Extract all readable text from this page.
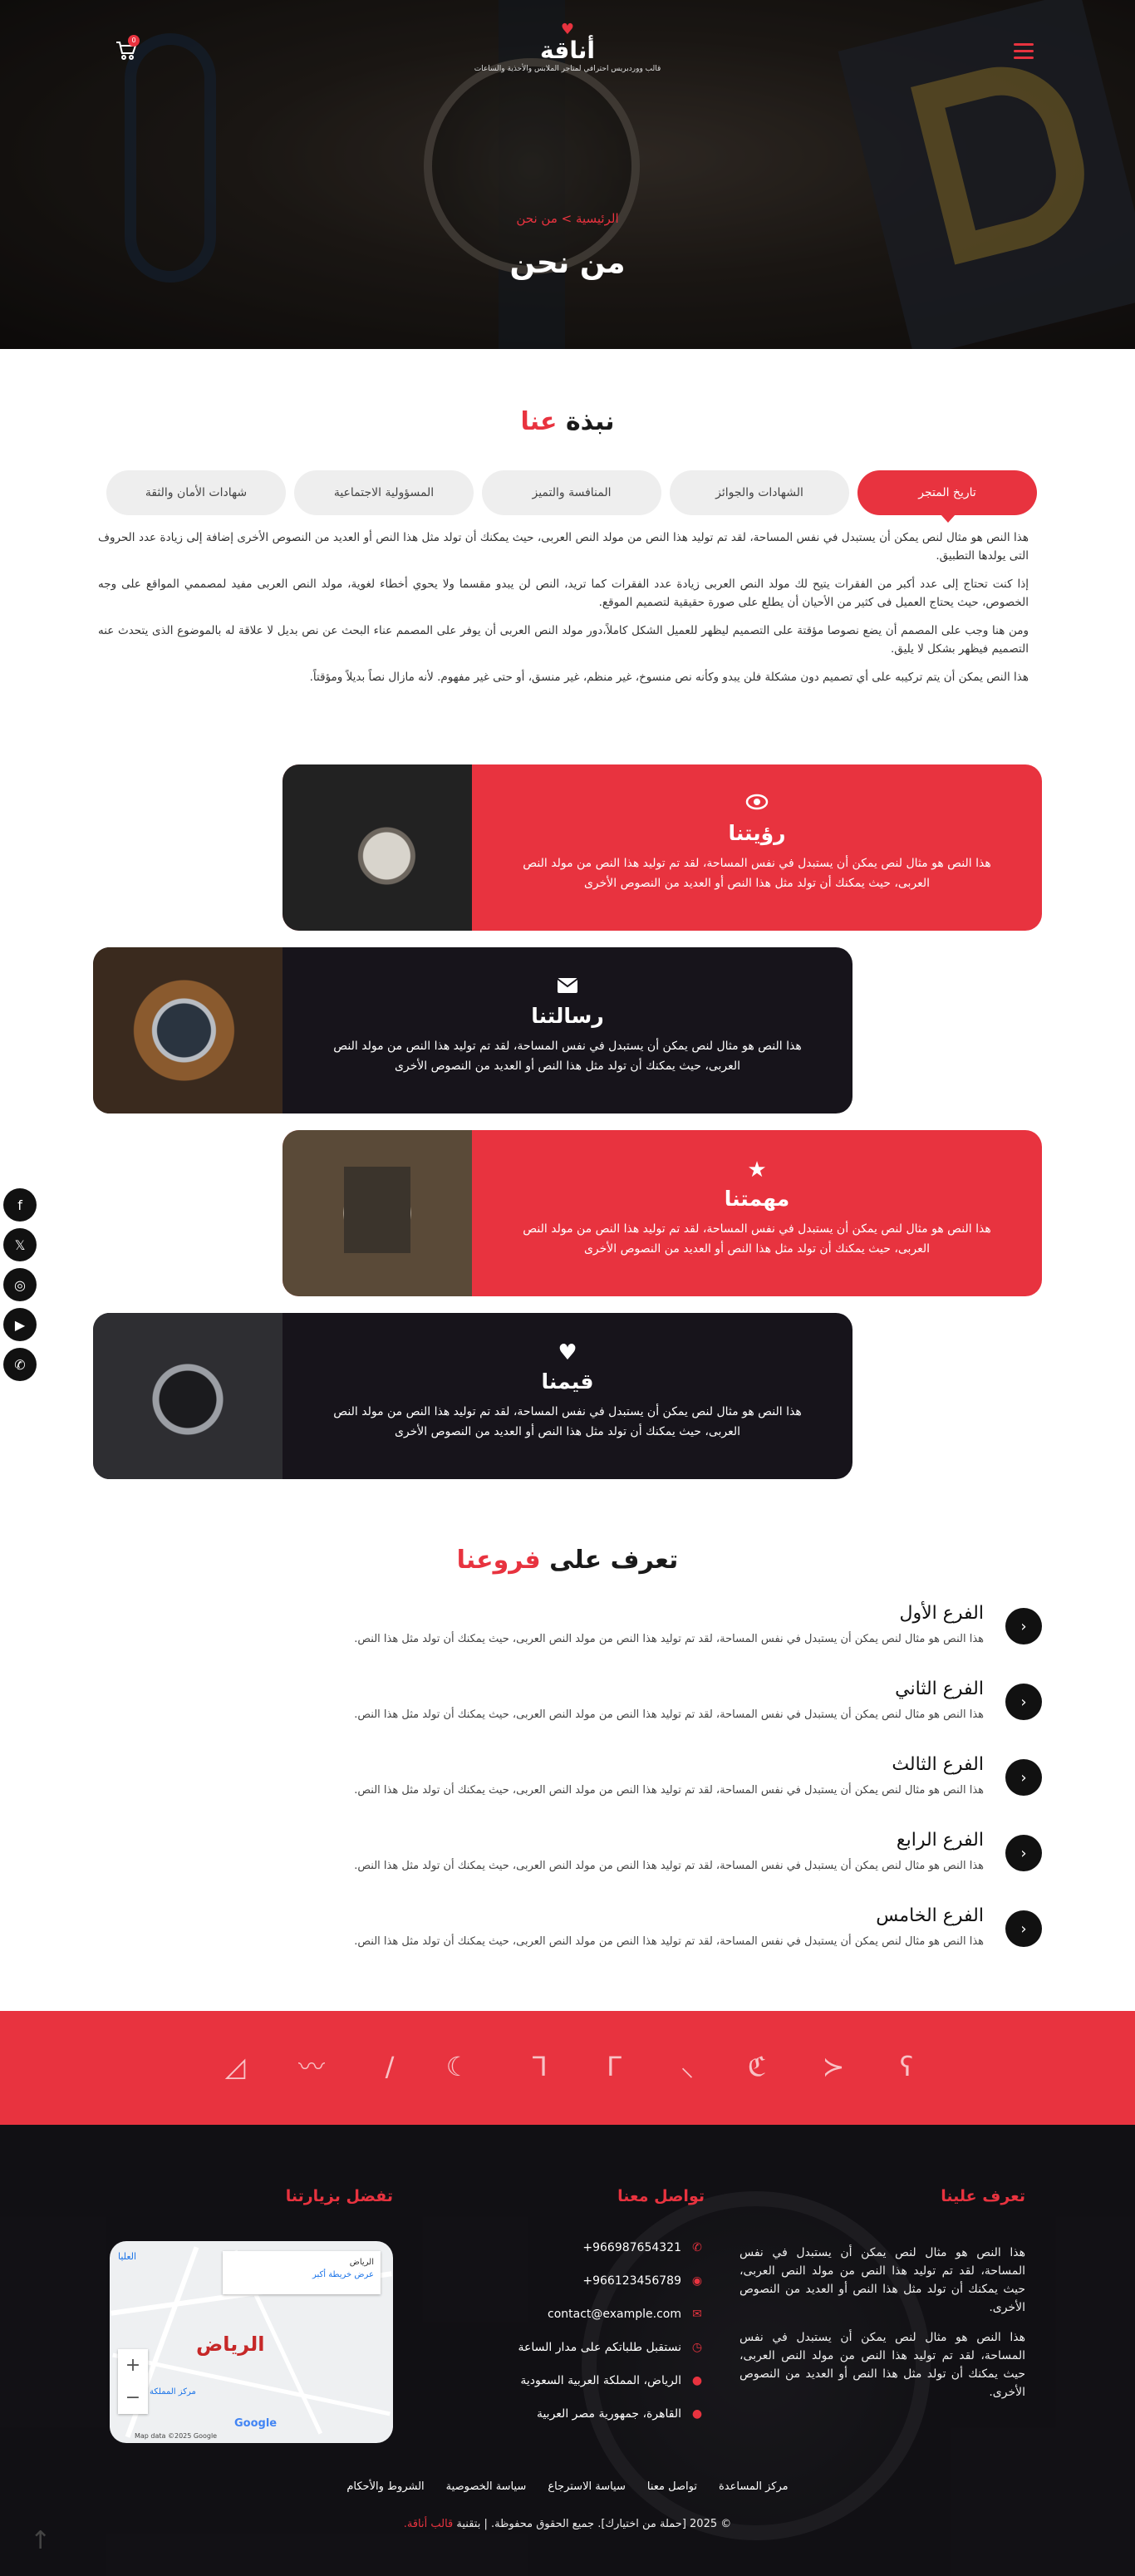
0
♥
أناقة
قالب ووردبريس احترافي لمتاجر الملابس والأحذية والساعات
الرئيسية > من نحن
من نحن
نبذة عنا
تاريخ المتجر
الشهادات والجوائز
المنافسة والتميز
المسؤولية الاجتماعية
شهادات الأمان والثقة

هذا النص هو مثال لنص يمكن أن يستبدل في نفس المساحة، لقد تم توليد هذا النص من مولد النص العربى، حيث يمكنك أن تولد مثل هذا النص أو العديد من النصوص الأخرى إضافة إلى زيادة عدد الحروف التى يولدها التطبيق.

إذا كنت تحتاج إلى عدد أكبر من الفقرات يتيح لك مولد النص العربى زيادة عدد الفقرات كما تريد، النص لن يبدو مقسما ولا يحوي أخطاء لغوية، مولد النص العربى مفيد لمصممي المواقع على وجه الخصوص، حيث يحتاج العميل فى كثير من الأحيان أن يطلع على صورة حقيقية لتصميم الموقع.

ومن هنا وجب على المصمم أن يضع نصوصا مؤقتة على التصميم ليظهر للعميل الشكل كاملاً،دور مولد النص العربى أن يوفر على المصمم عناء البحث عن نص بديل لا علاقة له بالموضوع الذى يتحدث عنه التصميم فيظهر بشكل لا يليق.

هذا النص يمكن أن يتم تركيبه على أي تصميم دون مشكلة فلن يبدو وكأنه نص منسوخ، غير منظم، غير منسق، أو حتى غير مفهوم. لأنه مازال نصاً بديلاً ومؤقتاً.

رؤيتنا
هذا النص هو مثال لنص يمكن أن يستبدل في نفس المساحة، لقد تم توليد هذا النص من مولد النص العربى، حيث يمكنك أن تولد مثل هذا النص أو العديد من النصوص الأخرى
رسالتنا
هذا النص هو مثال لنص يمكن أن يستبدل في نفس المساحة، لقد تم توليد هذا النص من مولد النص العربى، حيث يمكنك أن تولد مثل هذا النص أو العديد من النصوص الأخرى
★
مهمتنا
هذا النص هو مثال لنص يمكن أن يستبدل في نفس المساحة، لقد تم توليد هذا النص من مولد النص العربى، حيث يمكنك أن تولد مثل هذا النص أو العديد من النصوص الأخرى
♥
قيمنا
هذا النص هو مثال لنص يمكن أن يستبدل في نفس المساحة، لقد تم توليد هذا النص من مولد النص العربى، حيث يمكنك أن تولد مثل هذا النص أو العديد من النصوص الأخرى
f
𝕏
◎
▶
✆
تعرف على فروعنا
‹
الفرع الأول
هذا النص هو مثال لنص يمكن أن يستبدل في نفس المساحة، لقد تم توليد هذا النص من مولد النص العربى، حيث يمكنك أن تولد مثل هذا النص.
‹
الفرع الثاني
هذا النص هو مثال لنص يمكن أن يستبدل في نفس المساحة، لقد تم توليد هذا النص من مولد النص العربى، حيث يمكنك أن تولد مثل هذا النص.
‹
الفرع الثالث
هذا النص هو مثال لنص يمكن أن يستبدل في نفس المساحة، لقد تم توليد هذا النص من مولد النص العربى، حيث يمكنك أن تولد مثل هذا النص.
‹
الفرع الرابع
هذا النص هو مثال لنص يمكن أن يستبدل في نفس المساحة، لقد تم توليد هذا النص من مولد النص العربى، حيث يمكنك أن تولد مثل هذا النص.
‹
الفرع الخامس
هذا النص هو مثال لنص يمكن أن يستبدل في نفس المساحة، لقد تم توليد هذا النص من مولد النص العربى، حيث يمكنك أن تولد مثل هذا النص.
ʕ
≺
ℭ
⸝
ᒥ
ᒣ
☾
∕
〰
◿
تعرف علينا

هذا النص هو مثال لنص يمكن أن يستبدل في نفس المساحة، لقد تم توليد هذا النص من مولد النص العربى، حيث يمكنك أن تولد مثل هذا النص أو العديد من النصوص الأخرى.

هذا النص هو مثال لنص يمكن أن يستبدل في نفس المساحة، لقد تم توليد هذا النص من مولد النص العربى، حيث يمكنك أن تولد مثل هذا النص أو العديد من النصوص الأخرى.

تواصل معنا
✆
+966987654321
◉
+966123456789
✉
contact@example.com
◷
نستقبل طلباتكم على مدار الساعة
●
الرياض، المملكة العربية السعودية
●
القاهرة، جمهورية مصر العربية
تفضل بزيارتنا
العليا
الرياض
عرض خريطة أكبر
الرياض
مركز المملكة
+
−
Google
Map data ©2025 Google
مركز المساعدة
تواصل معنا
سياسة الاسترجاع
سياسة الخصوصية
الشروط والأحكام
© 2025 [حملة من اختيارك]. جميع الحقوق محفوظة. | بتقنية قالب أناقة.
↑
